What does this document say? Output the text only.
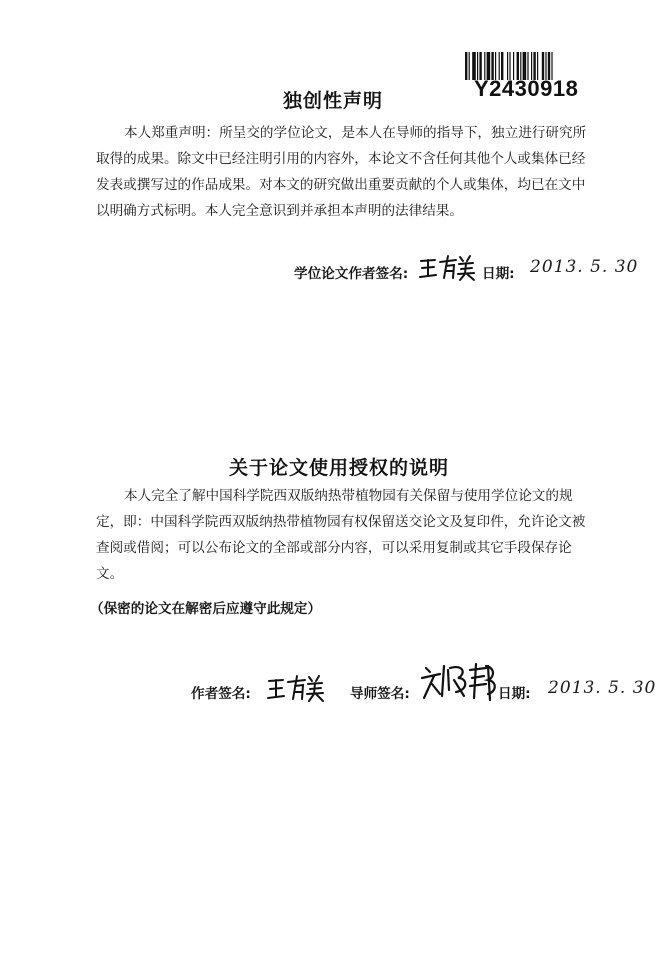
Y2430918
独创性声明
本人郑重声明：所呈交的学位论文，是本人在导师的指导下，独立进行研究所取得的成果。除文中已经注明引用的内容外，本论文不含任何其他个人或集体已经发表或撰写过的作品成果。对本文的研究做出重要贡献的个人或集体，均已在文中以明确方式标明。本人完全意识到并承担本声明的法律结果。
学位论文作者签名:	日期: 2013. 5. 30
关于论文使用授权的说明
本人完全了解中国科学院西双版纳热带植物园有关保留与使用学位论文的规定，即：中国科学院西双版纳热带植物园有权保留送交论文及复印件，允许论文被查阅或借阅；可以公布论文的全部或部分内容，可以采用复制或其它手段保存论文。
（保密的论文在解密后应遵守此规定）
作者签名:	导师签名:	日期: 2013. 5. 30
